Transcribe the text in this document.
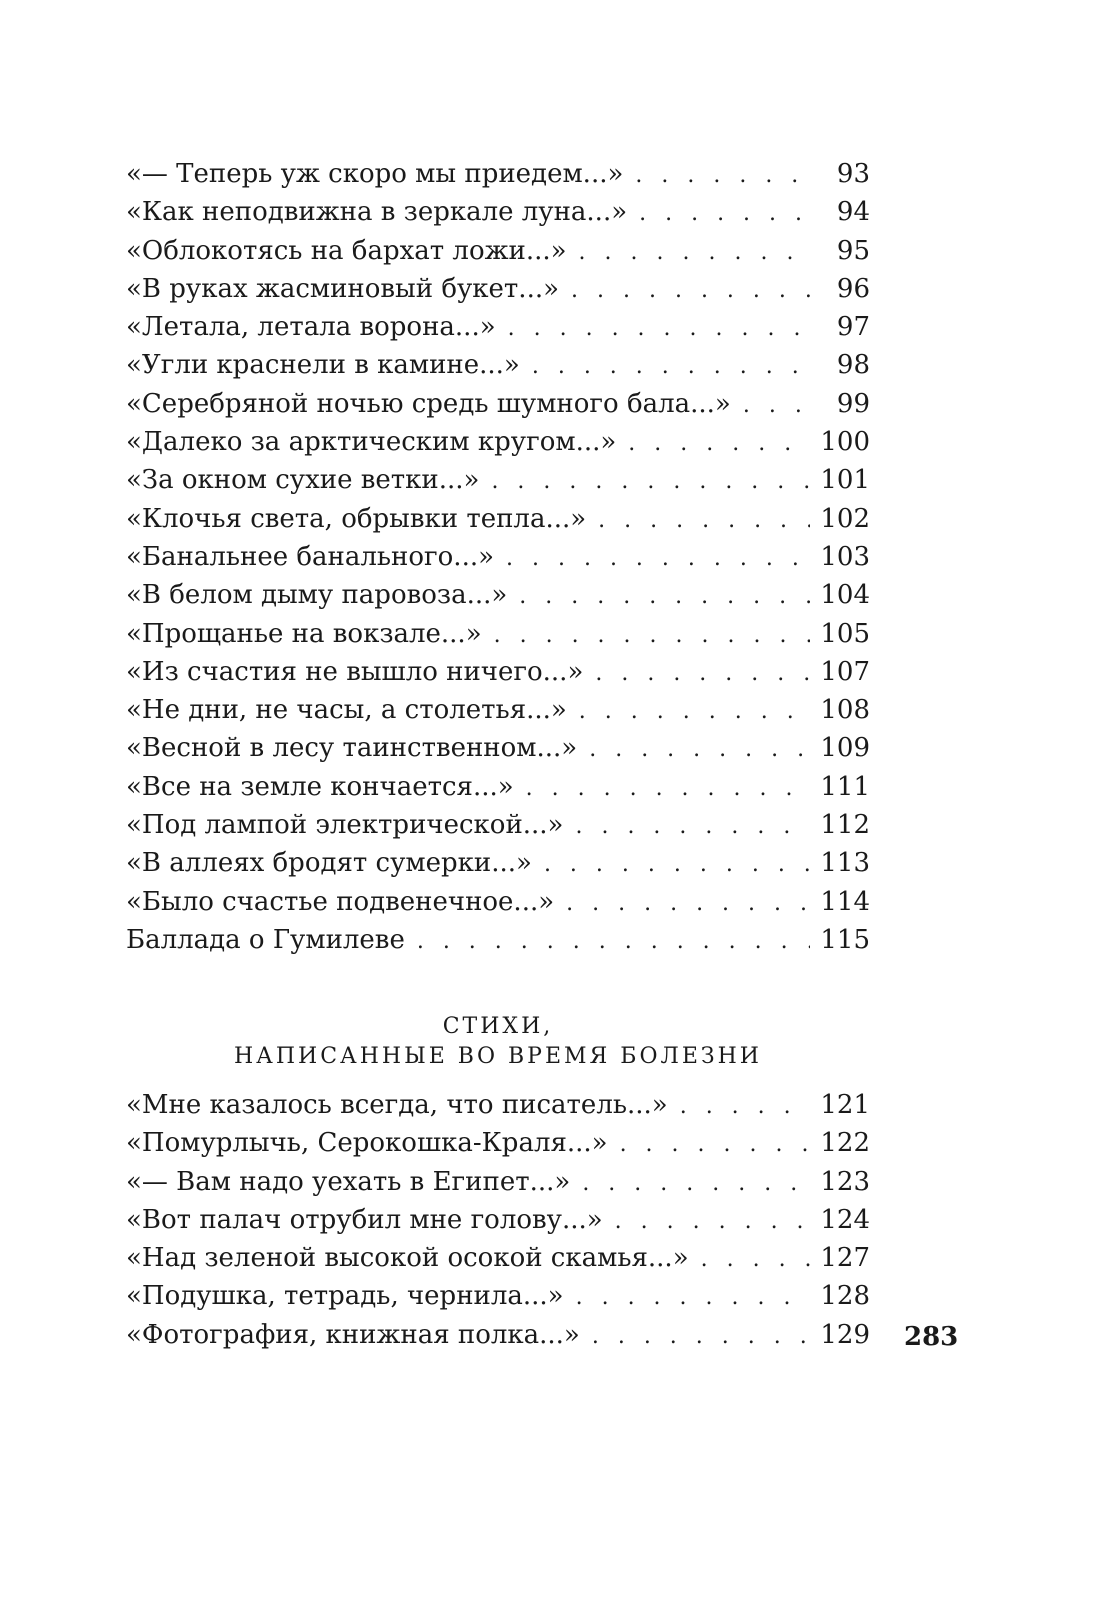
«— Теперь уж скоро мы приедем...» . . .	93
«Как неподвижна в зеркале луна...» . . .	94
«Облокотясь на бархат ложи...» . . .	95
«В руках жасминовый букет...» . . .	96
«Летала, летала ворона...» . . .	97
«Угли краснели в камине...» . . .	98
«Серебряной ночью средь шумного бала...» . . .	99
«Далеко за арктическим кругом...» . . .	100
«За окном сухие ветки...» . . .	101
«Клочья света, обрывки тепла...» . . .	102
«Банальнее банального...» . . .	103
«В белом дыму паровоза...» . . .	104
«Прощанье на вокзале...» . . .	105
«Из счастия не вышло ничего...» . . .	107
«Не дни, не часы, а столетья...» . . .	108
«Весной в лесу таинственном...» . . .	109
«Все на земле кончается...» . . .	111
«Под лампой электрической...» . . .	112
«В аллеях бродят сумерки...» . . .	113
«Было счастье подвенечное...» . . .	114
Баллада о Гумилеве . . .	115
СТИХИ,
НАПИСАННЫЕ ВО ВРЕМЯ БОЛЕЗНИ
«Мне казалось всегда, что писатель...» . . .	121
«Помурлычь, Серокошка-Краля...» . . .	122
«— Вам надо уехать в Египет...» . . .	123
«Вот палач отрубил мне голову...» . . .	124
«Над зеленой высокой осокой скамья...» . . .	127
«Подушка, тетрадь, чернила...» . . .	128
«Фотография, книжная полка...» . . .	129 283
